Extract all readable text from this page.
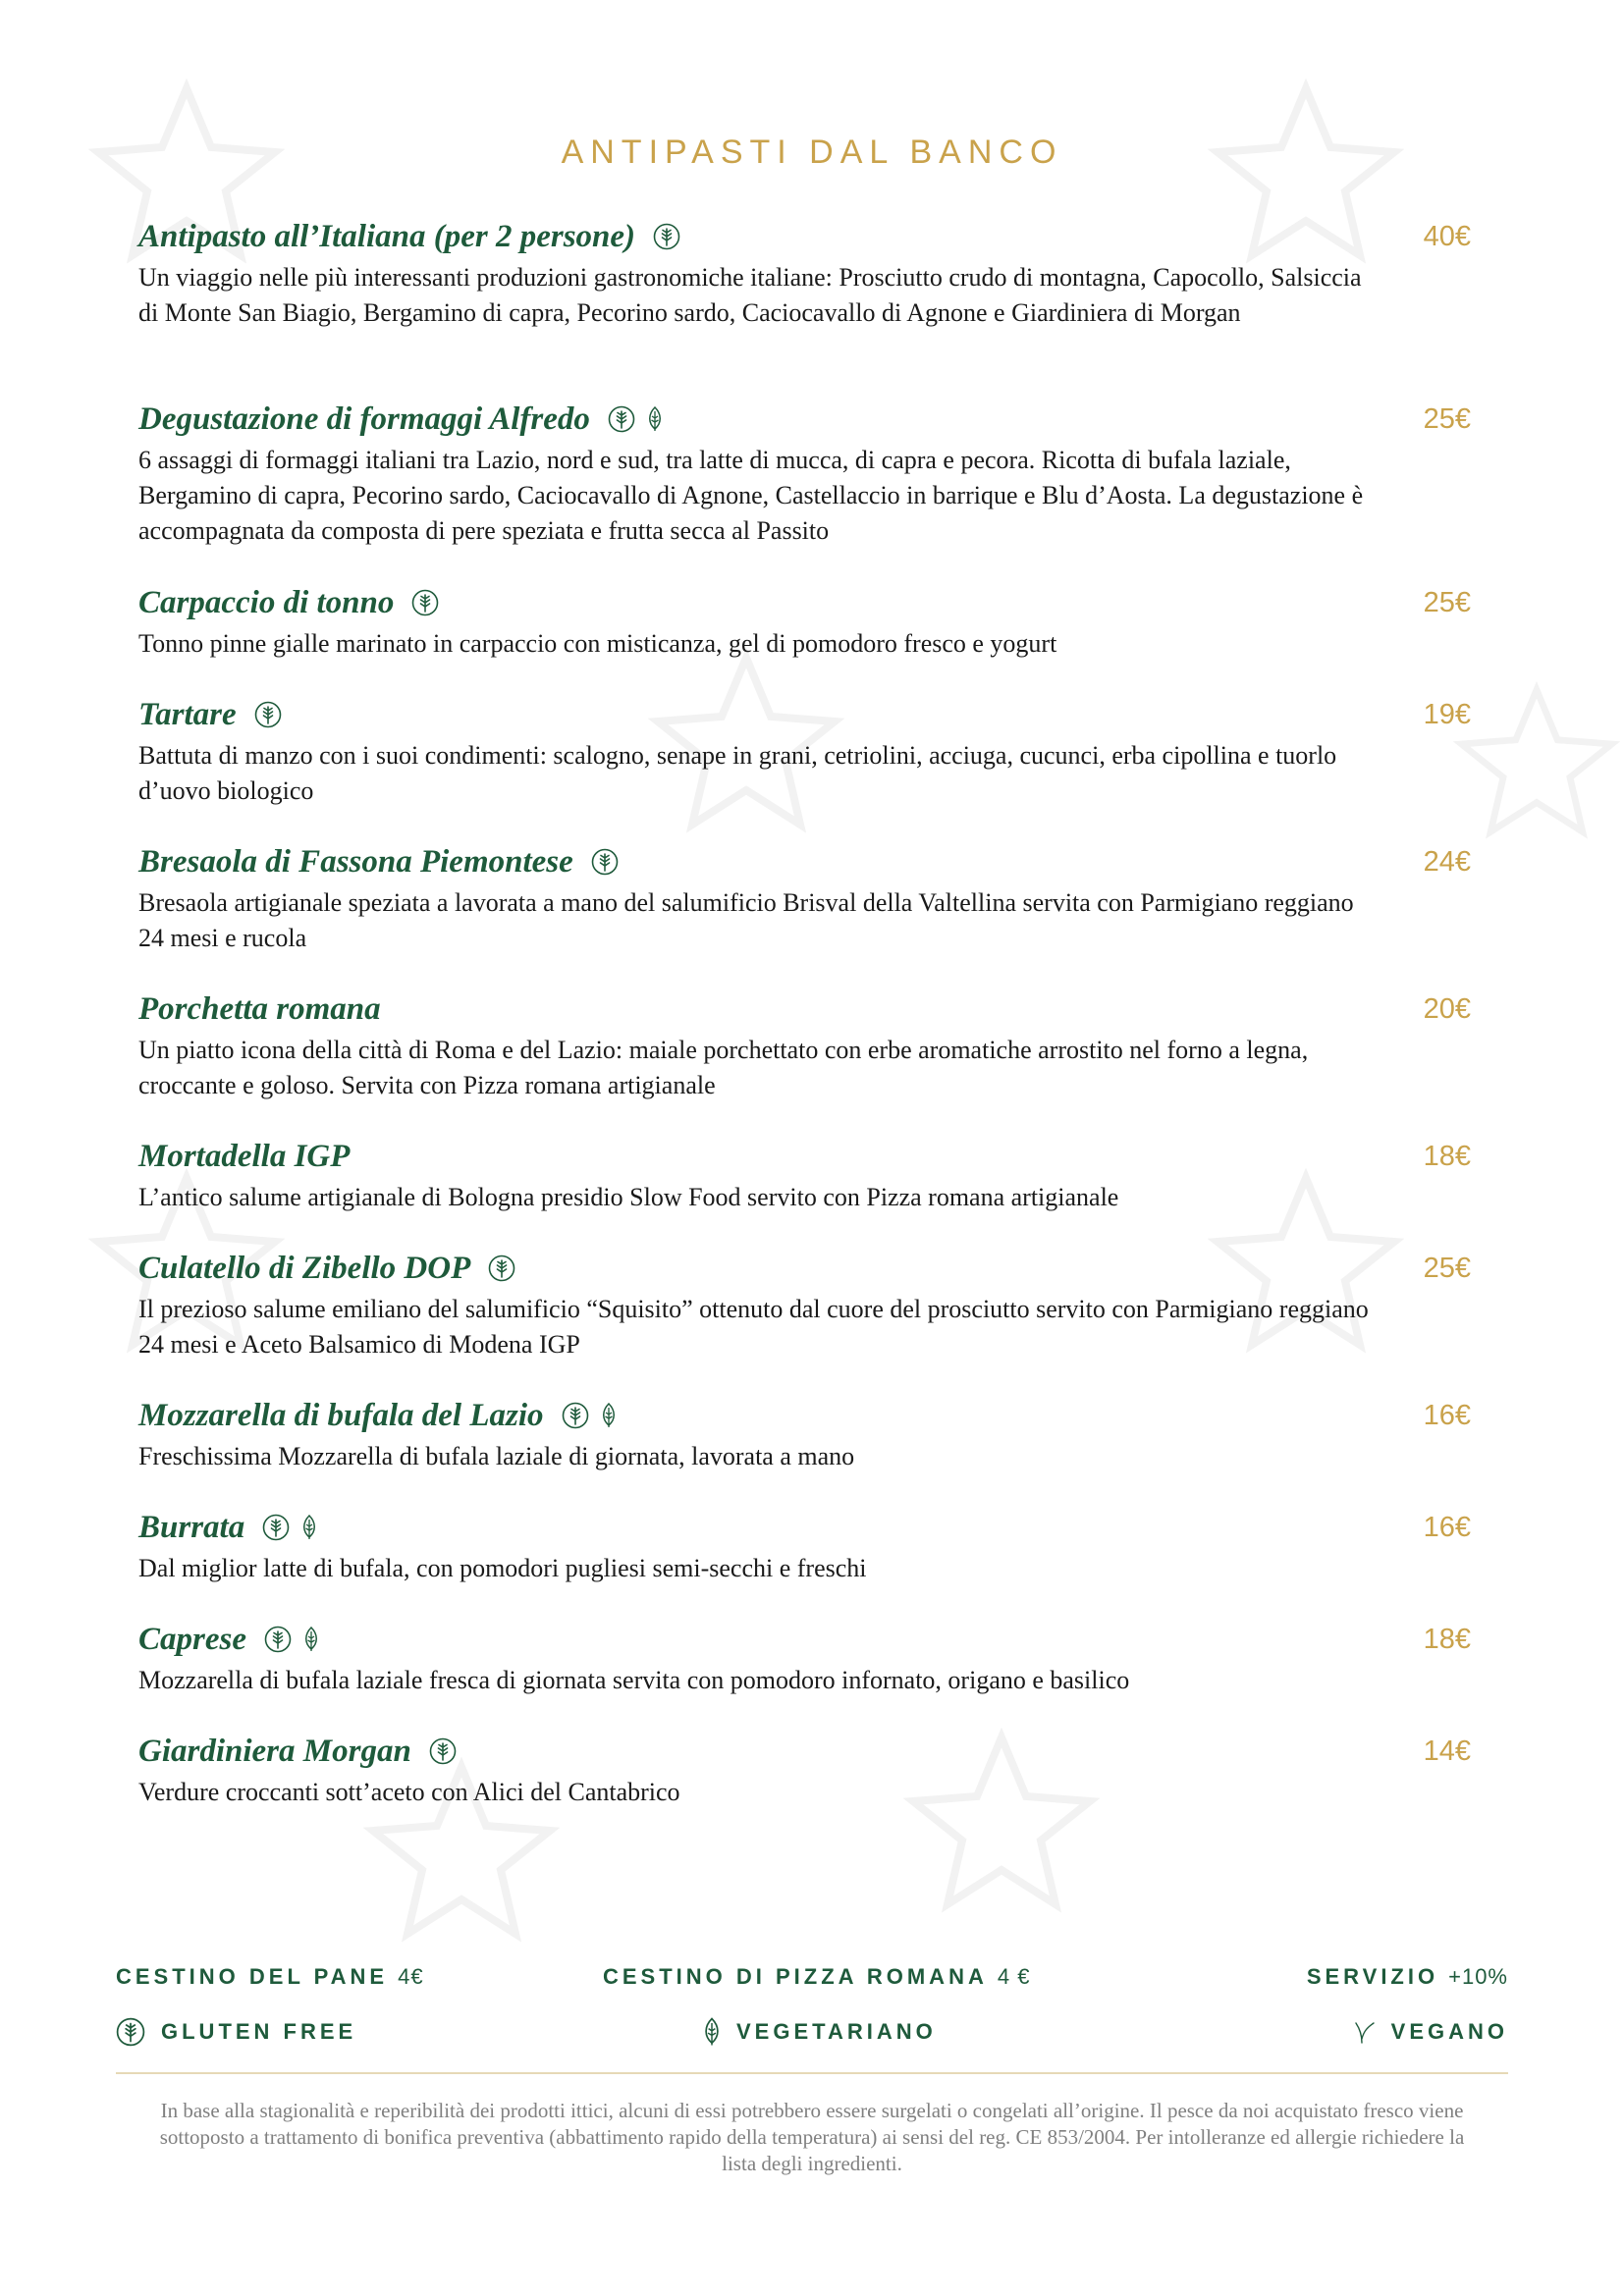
ANTIPASTI DAL BANCO
Antipasto all’Italiana (per 2 persone)	40€

Un viaggio nelle più interessanti produzioni gastronomiche italiane: Prosciutto crudo di montagna, Capocollo, Salsiccia di Monte San Biagio, Bergamino di capra, Pecorino sardo, Caciocavallo di Agnone e Giardiniera di Morgan

Degustazione di formaggi Alfredo	25€

6 assaggi di formaggi italiani tra Lazio, nord e sud, tra latte di mucca, di capra e pecora. Ricotta di bufala laziale, Bergamino di capra, Pecorino sardo, Caciocavallo di Agnone, Castellaccio in barrique e Blu d’Aosta. La degustazione è accompagnata da composta di pere speziata e frutta secca al Passito

Carpaccio di tonno	25€

Tonno pinne gialle marinato in carpaccio con misticanza, gel di pomodoro fresco e yogurt

Tartare	19€

Battuta di manzo con i suoi condimenti: scalogno, senape in grani, cetriolini, acciuga, cucunci, erba cipollina e tuorlo d’uovo biologico

Bresaola di Fassona Piemontese	24€

Bresaola artigianale speziata a lavorata a mano del salumificio Brisval della Valtellina servita con Parmigiano reggiano 24 mesi e rucola

Porchetta romana	20€

Un piatto icona della città di Roma e del Lazio: maiale porchettato con erbe aromatiche arrostito nel forno a legna, croccante e goloso. Servita con Pizza romana artigianale

Mortadella IGP	18€

L’antico salume artigianale di Bologna presidio Slow Food servito con Pizza romana artigianale

Culatello di Zibello DOP	25€

Il prezioso salume emiliano del salumificio “Squisito” ottenuto dal cuore del prosciutto servito con Parmigiano reggiano 24 mesi e Aceto Balsamico di Modena IGP

Mozzarella di bufala del Lazio	16€

Freschissima Mozzarella di bufala laziale di giornata, lavorata a mano

Burrata	16€

Dal miglior latte di bufala, con pomodori pugliesi semi-secchi e freschi

Caprese	18€

Mozzarella di bufala laziale fresca di giornata servita con pomodoro infornato, origano e basilico

Giardiniera Morgan	14€

Verdure croccanti sott’aceto con Alici del Cantabrico

CESTINO DEL PANE 4€	CESTINO DI PIZZA ROMANA 4 €	SERVIZIO +10%
GLUTEN FREE	VEGETARIANO	VEGANO

In base alla stagionalità e reperibilità dei prodotti ittici, alcuni di essi potrebbero essere surgelati o congelati all’origine. Il pesce da noi acquistato fresco viene sottoposto a trattamento di bonifica preventiva (abbattimento rapido della temperatura) ai sensi del reg. CE 853/2004. Per intolleranze ed allergie richiedere la lista degli ingredienti.
